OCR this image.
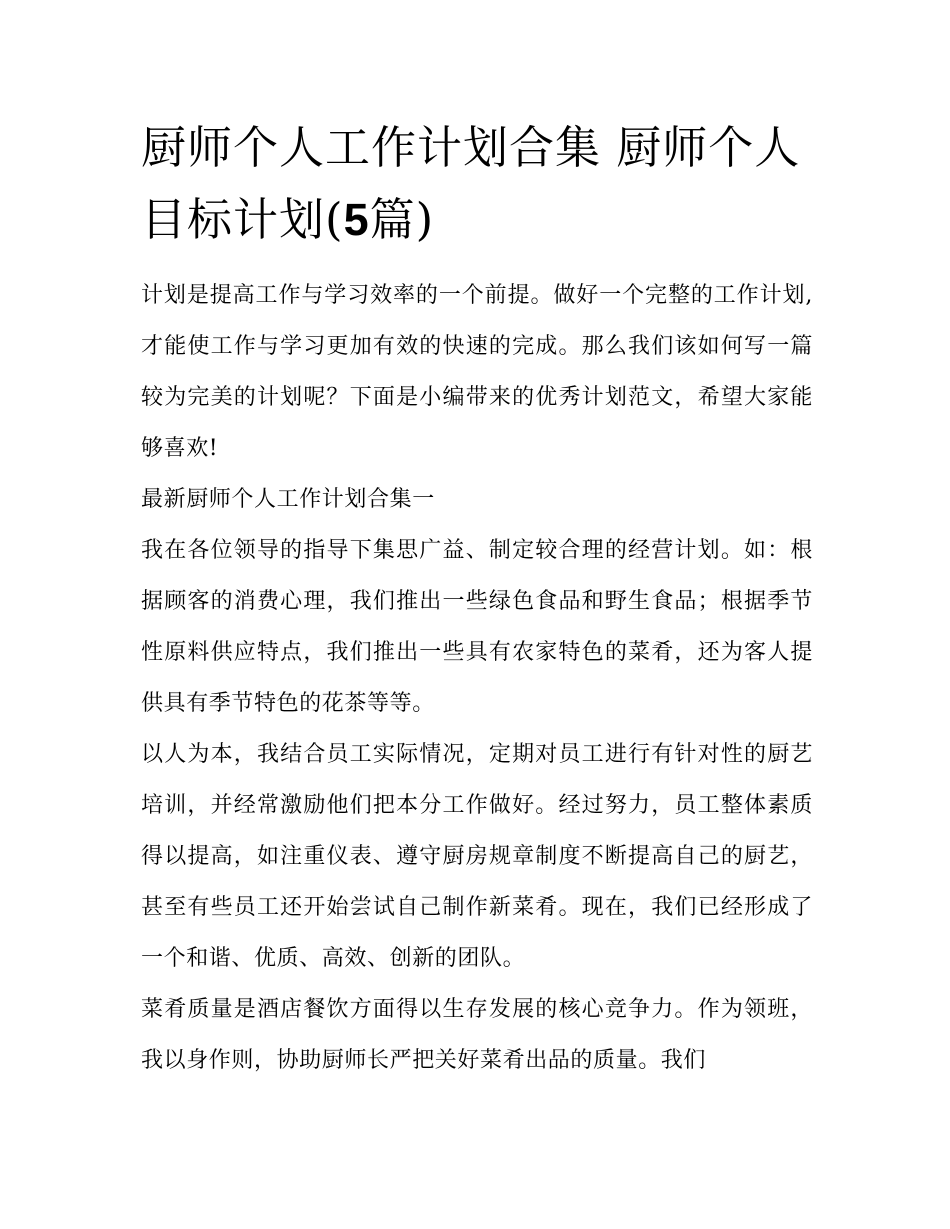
厨师个人工作计划合集 厨师个人目标计划(5篇)

计划是提高工作与学习效率的一个前提。做好一个完整的工作计划,才能使工作与学习更加有效的快速的完成。那么我们该如何写一篇较为完美的计划呢？下面是小编带来的优秀计划范文，希望大家能够喜欢!

最新厨师个人工作计划合集一

我在各位领导的指导下集思广益、制定较合理的经营计划。如：根据顾客的消费心理，我们推出一些绿色食品和野生食品；根据季节性原料供应特点，我们推出一些具有农家特色的菜肴，还为客人提供具有季节特色的花茶等等。

以人为本，我结合员工实际情况，定期对员工进行有针对性的厨艺培训，并经常激励他们把本分工作做好。经过努力，员工整体素质得以提高，如注重仪表、遵守厨房规章制度不断提高自己的厨艺，甚至有些员工还开始尝试自己制作新菜肴。现在，我们已经形成了一个和谐、优质、高效、创新的团队。

菜肴质量是酒店餐饮方面得以生存发展的核心竞争力。作为领班，我以身作则，协助厨师长严把关好菜肴出品的质量。我们
